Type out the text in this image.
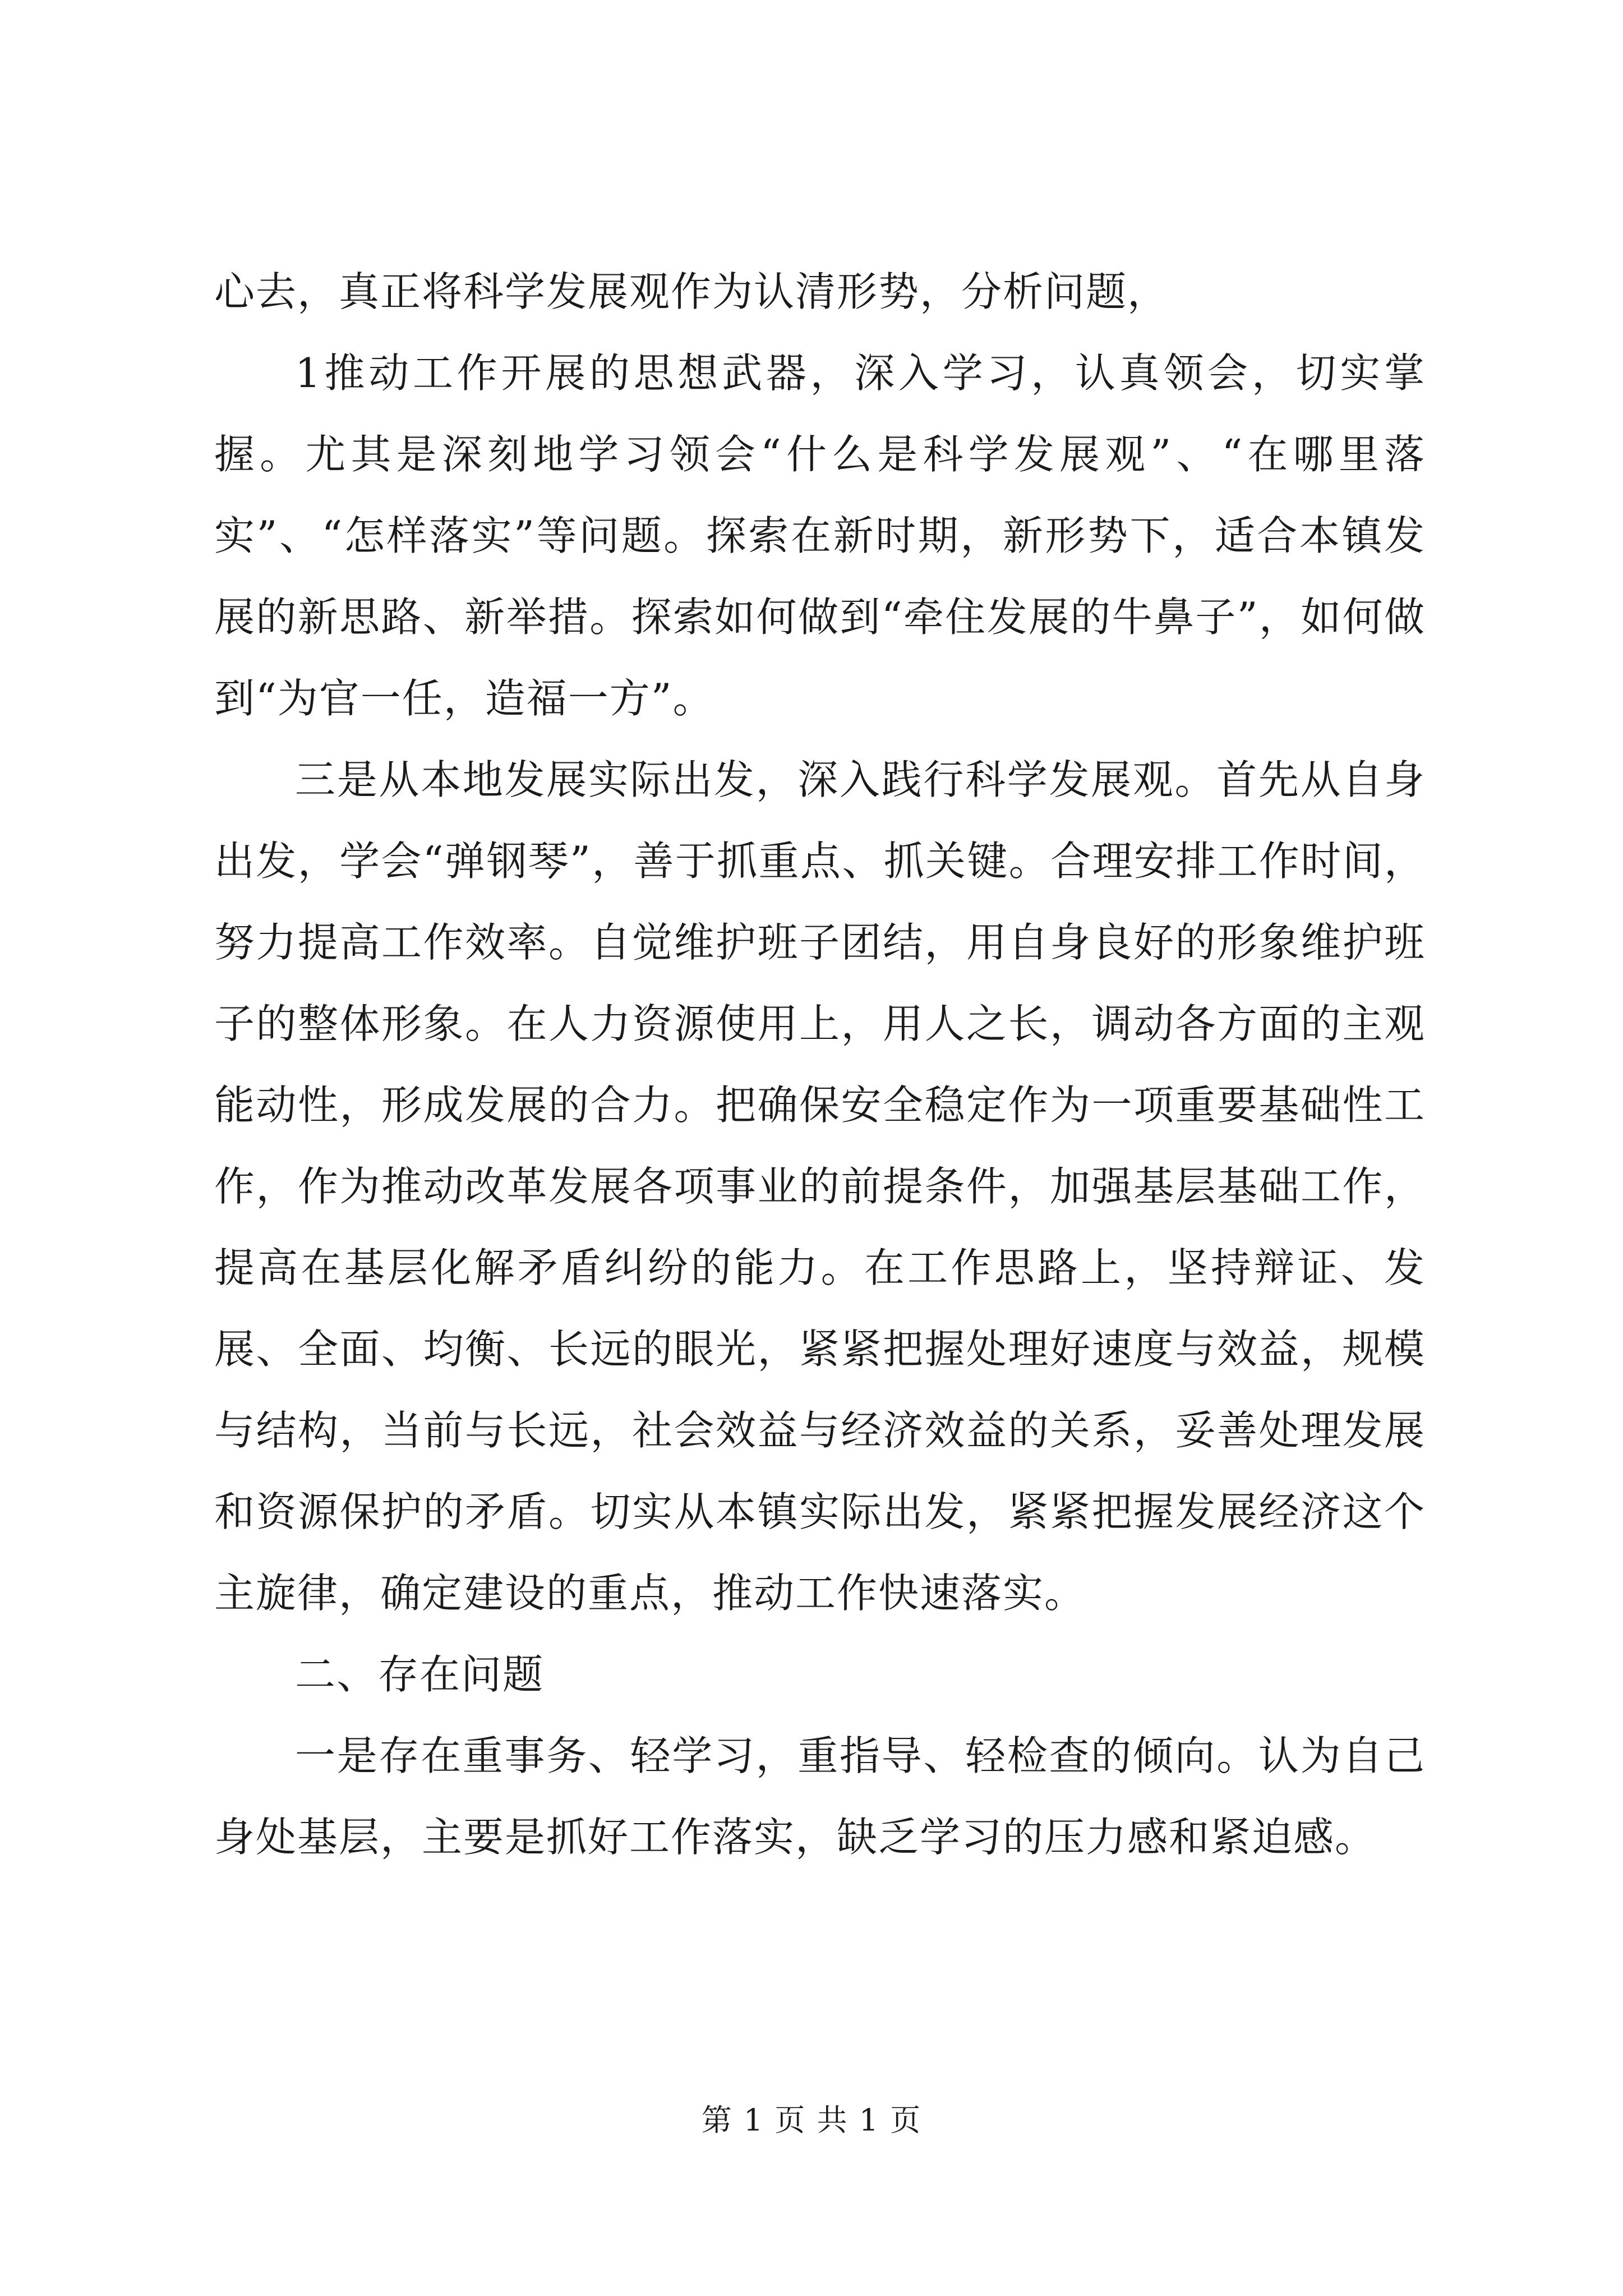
心去，真正将科学发展观作为认清形势，分析问题，

1推动工作开展的思想武器，深入学习，认真领会，切实掌握。尤其是深刻地学习领会“什么是科学发展观”、“在哪里落实”、“怎样落实”等问题。探索在新时期，新形势下，适合本镇发展的新思路、新举措。探索如何做到“牵住发展的牛鼻子”，如何做到“为官一任，造福一方”。

三是从本地发展实际出发，深入践行科学发展观。首先从自身出发，学会“弹钢琴”，善于抓重点、抓关键。合理安排工作时间，努力提高工作效率。自觉维护班子团结，用自身良好的形象维护班子的整体形象。在人力资源使用上，用人之长，调动各方面的主观能动性，形成发展的合力。把确保安全稳定作为一项重要基础性工作，作为推动改革发展各项事业的前提条件，加强基层基础工作，提高在基层化解矛盾纠纷的能力。在工作思路上，坚持辩证、发展、全面、均衡、长远的眼光，紧紧把握处理好速度与效益，规模与结构，当前与长远，社会效益与经济效益的关系，妥善处理发展和资源保护的矛盾。切实从本镇实际出发，紧紧把握发展经济这个主旋律，确定建设的重点，推动工作快速落实。

二、存在问题

一是存在重事务、轻学习，重指导、轻检查的倾向。认为自己身处基层，主要是抓好工作落实，缺乏学习的压力感和紧迫感。

第 1 页 共 1 页
